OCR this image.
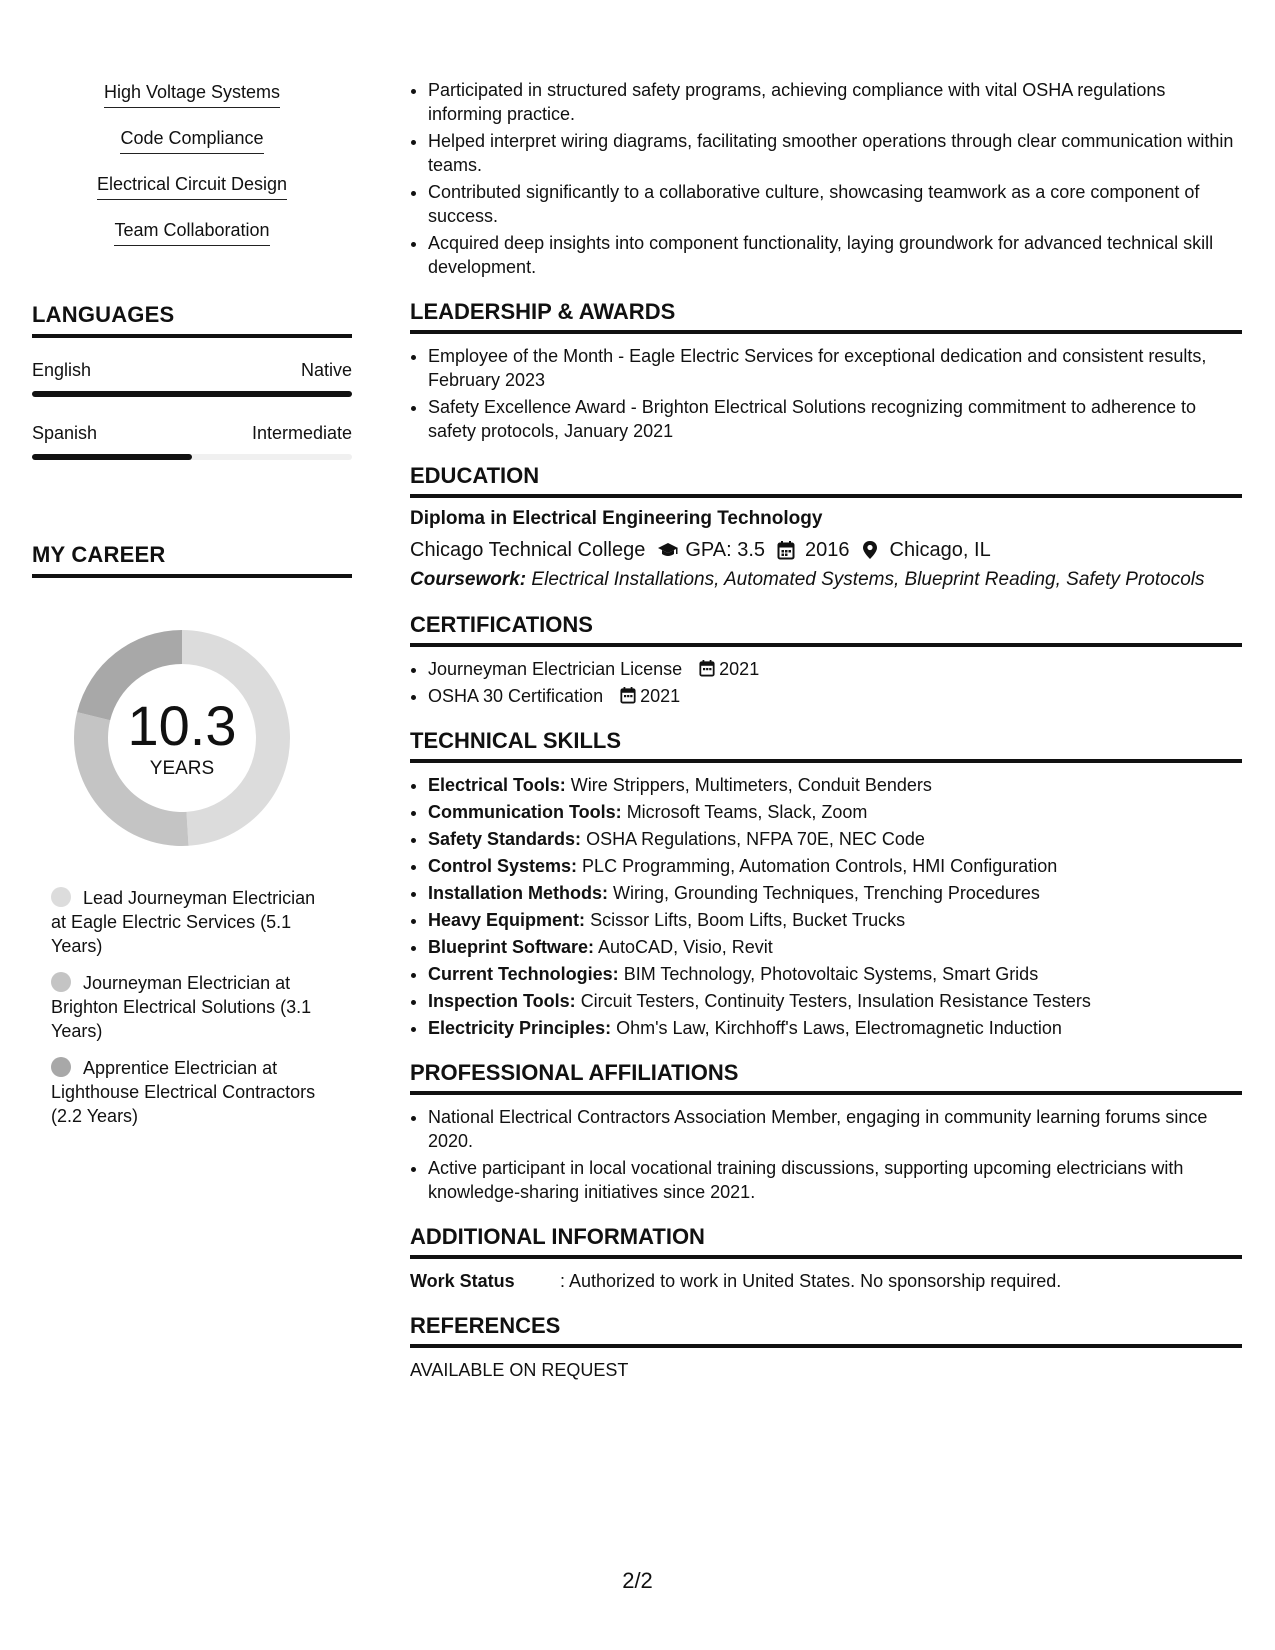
High Voltage Systems
Code Compliance
Electrical Circuit Design
Team Collaboration
LANGUAGES
English	Native
Spanish	Intermediate
MY CAREER
10.3
YEARS
Lead Journeyman Electrician at Eagle Electric Services (5.1 Years)
Journeyman Electrician at Brighton Electrical Solutions (3.1 Years)
Apprentice Electrician at Lighthouse Electrical Contractors (2.2 Years)
• Participated in structured safety programs, achieving compliance with vital OSHA regulations informing practice.
• Helped interpret wiring diagrams, facilitating smoother operations through clear communication within teams.
• Contributed significantly to a collaborative culture, showcasing teamwork as a core component of success.
• Acquired deep insights into component functionality, laying groundwork for advanced technical skill development.
LEADERSHIP & AWARDS
• Employee of the Month - Eagle Electric Services for exceptional dedication and consistent results, February 2023
• Safety Excellence Award - Brighton Electrical Solutions recognizing commitment to adherence to safety protocols, January 2021
EDUCATION
Diploma in Electrical Engineering Technology
Chicago Technical College GPA: 3.5 2016 Chicago, IL
Coursework: Electrical Installations, Automated Systems, Blueprint Reading, Safety Protocols
CERTIFICATIONS
• Journeyman Electrician License 2021
• OSHA 30 Certification 2021
TECHNICAL SKILLS
• Electrical Tools: Wire Strippers, Multimeters, Conduit Benders
• Communication Tools: Microsoft Teams, Slack, Zoom
• Safety Standards: OSHA Regulations, NFPA 70E, NEC Code
• Control Systems: PLC Programming, Automation Controls, HMI Configuration
• Installation Methods: Wiring, Grounding Techniques, Trenching Procedures
• Heavy Equipment: Scissor Lifts, Boom Lifts, Bucket Trucks
• Blueprint Software: AutoCAD, Visio, Revit
• Current Technologies: BIM Technology, Photovoltaic Systems, Smart Grids
• Inspection Tools: Circuit Testers, Continuity Testers, Insulation Resistance Testers
• Electricity Principles: Ohm's Law, Kirchhoff's Laws, Electromagnetic Induction
PROFESSIONAL AFFILIATIONS
• National Electrical Contractors Association Member, engaging in community learning forums since 2020.
• Active participant in local vocational training discussions, supporting upcoming electricians with knowledge-sharing initiatives since 2021.
ADDITIONAL INFORMATION
Work Status	: Authorized to work in United States. No sponsorship required.
REFERENCES
AVAILABLE ON REQUEST
2/2
